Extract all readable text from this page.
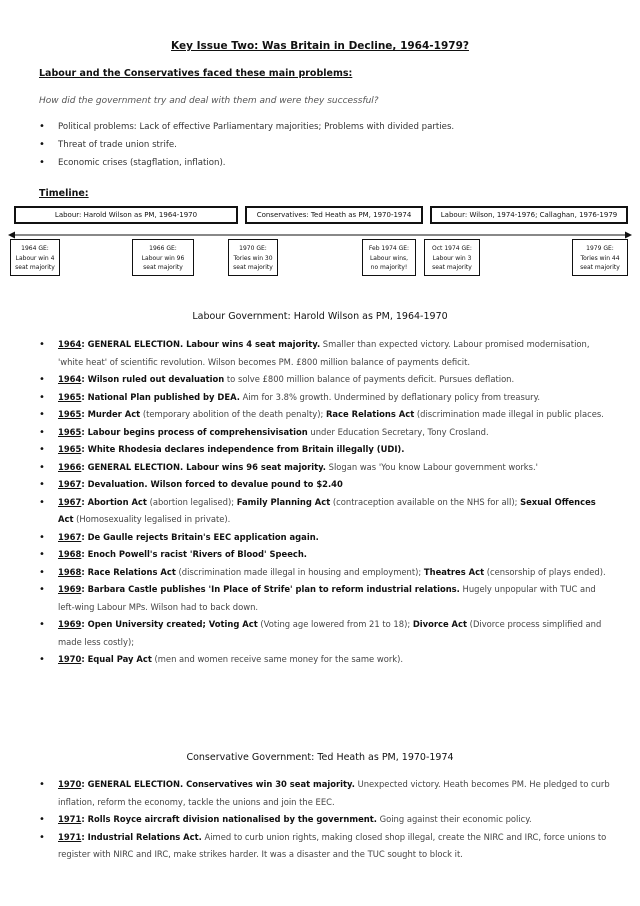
Key Issue Two: Was Britain in Decline, 1964-1979?
Labour and the Conservatives faced these main problems:
How did the government try and deal with them and were they successful?
• Political problems: Lack of effective Parliamentary majorities; Problems with divided parties.
• Threat of trade union strife.
• Economic crises (stagflation, inflation).
Timeline:
Labour: Harold Wilson as PM, 1964-1970	Conservatives: Ted Heath as PM, 1970-1974	Labour: Wilson, 1974-1976; Callaghan, 1976-1979
1964 GE:
Labour win 4
seat majority
1966 GE:
Labour win 96
seat majority
1970 GE:
Tories win 30
seat majority
Feb 1974 GE:
Labour wins,
no majority!
Oct 1974 GE:
Labour win 3
seat majority
1979 GE:
Tories win 44
seat majority
Labour Government: Harold Wilson as PM, 1964-1970
• 1964: GENERAL ELECTION. Labour wins 4 seat majority. Smaller than expected victory. Labour promised modernisation, 'white heat' of scientific revolution. Wilson becomes PM. £800 million balance of payments deficit.
• 1964: Wilson ruled out devaluation to solve £800 million balance of payments deficit. Pursues deflation.
• 1965: National Plan published by DEA. Aim for 3.8% growth. Undermined by deflationary policy from treasury.
• 1965: Murder Act (temporary abolition of the death penalty); Race Relations Act (discrimination made illegal in public places.
• 1965: Labour begins process of comprehensivisation under Education Secretary, Tony Crosland.
• 1965: White Rhodesia declares independence from Britain illegally (UDI).
• 1966: GENERAL ELECTION. Labour wins 96 seat majority. Slogan was 'You know Labour government works.'
• 1967: Devaluation. Wilson forced to devalue pound to $2.40
• 1967: Abortion Act (abortion legalised); Family Planning Act (contraception available on the NHS for all); Sexual Offences Act (Homosexuality legalised in private).
• 1967: De Gaulle rejects Britain's EEC application again.
• 1968: Enoch Powell's racist 'Rivers of Blood' Speech.
• 1968: Race Relations Act (discrimination made illegal in housing and employment); Theatres Act (censorship of plays ended).
• 1969: Barbara Castle publishes 'In Place of Strife' plan to reform industrial relations. Hugely unpopular with TUC and left-wing Labour MPs. Wilson had to back down.
• 1969: Open University created; Voting Act (Voting age lowered from 21 to 18); Divorce Act (Divorce process simplified and made less costly);
• 1970: Equal Pay Act (men and women receive same money for the same work).
Conservative Government: Ted Heath as PM, 1970-1974
• 1970: GENERAL ELECTION. Conservatives win 30 seat majority. Unexpected victory. Heath becomes PM. He pledged to curb inflation, reform the economy, tackle the unions and join the EEC.
• 1971: Rolls Royce aircraft division nationalised by the government. Going against their economic policy.
• 1971: Industrial Relations Act. Aimed to curb union rights, making closed shop illegal, create the NIRC and IRC, force unions to register with NIRC and IRC, make strikes harder. It was a disaster and the TUC sought to block it.
